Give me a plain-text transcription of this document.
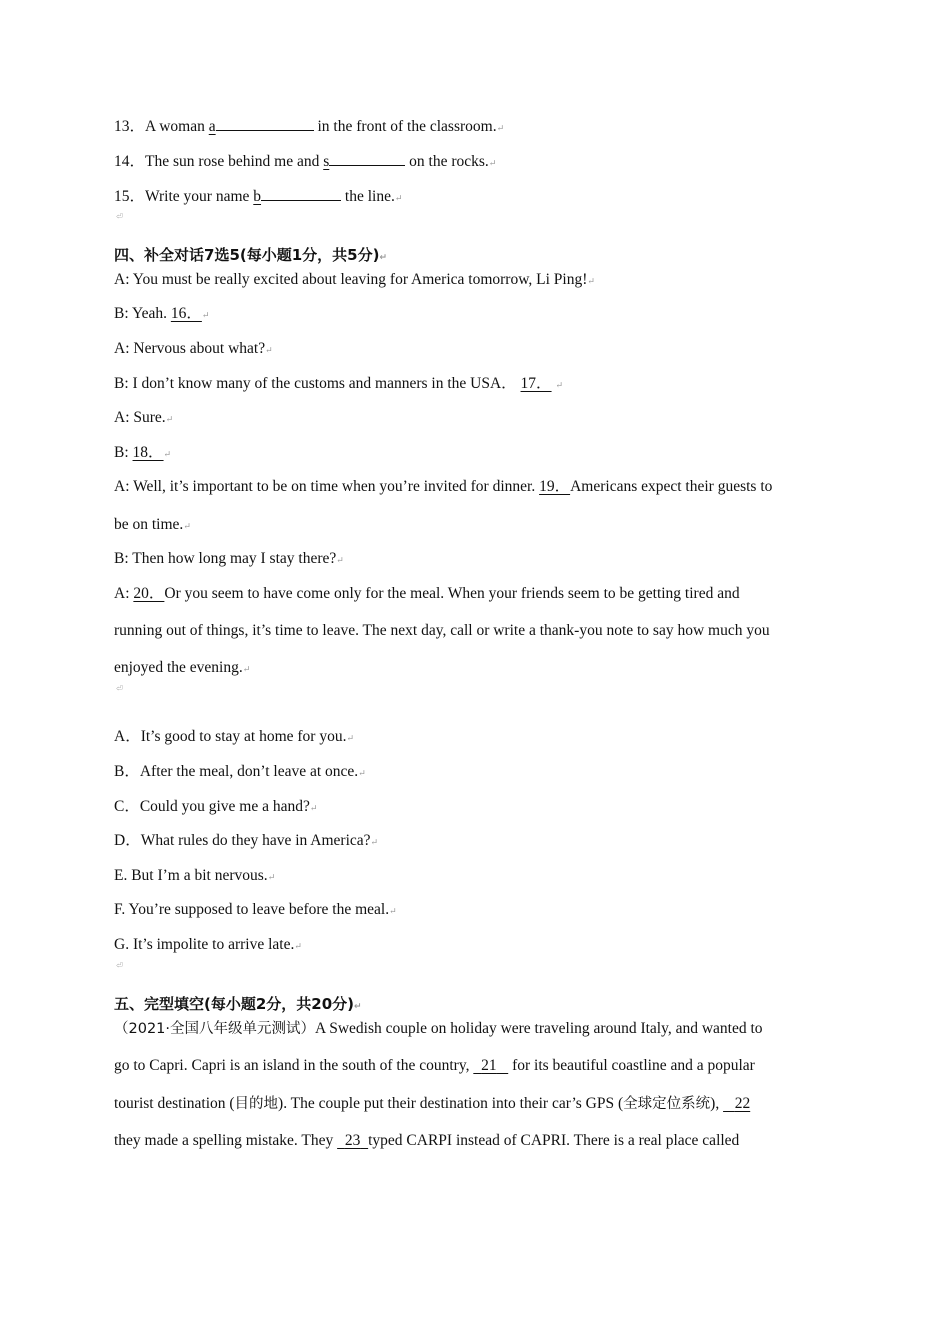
13．A woman a	in the front of the classroom.↵
14．The sun rose behind me and s	on the rocks.↵
15．Write your name b	the line.↵
⏎
四、补全对话7选5(每小题1分，共5分)↵
A: You must be really excited about leaving for America tomorrow, Li Ping!↵
B: Yeah. 16．↵
A: Nervous about what?↵
B: I don’t know many of the customs and manners in the USA． 17． ↵
A: Sure.↵
B: 18．↵
A: Well, it’s important to be on time when you’re invited for dinner. 19．Americans expect their guests to
be on time.↵
B: Then how long may I stay there?↵
A: 20．Or you seem to have come only for the meal. When your friends seem to be getting tired and
running out of things, it’s time to leave. The next day, call or write a thank-you note to say how much you
enjoyed the evening.↵
⏎
A．It’s good to stay at home for you.↵
B．After the meal, don’t leave at once.↵
C．Could you give me a hand?↵
D．What rules do they have in America?↵
E. But I’m a bit nervous.↵
F. You’re supposed to leave before the meal.↵
G. It’s impolite to arrive late.↵
⏎
五、完型填空(每小题2分，共20分)↵
（2021·全国八年级单元测试）A Swedish couple on holiday were traveling around Italy, and wanted to
go to Capri. Capri is an island in the south of the country,   21    for its beautiful coastline and a popular
tourist destination (目的地). The couple put their destination into their car’s GPS (全球定位系统),    22
they made a spelling mistake. They   23 typed CARPI instead of CAPRI. There is a real place called
